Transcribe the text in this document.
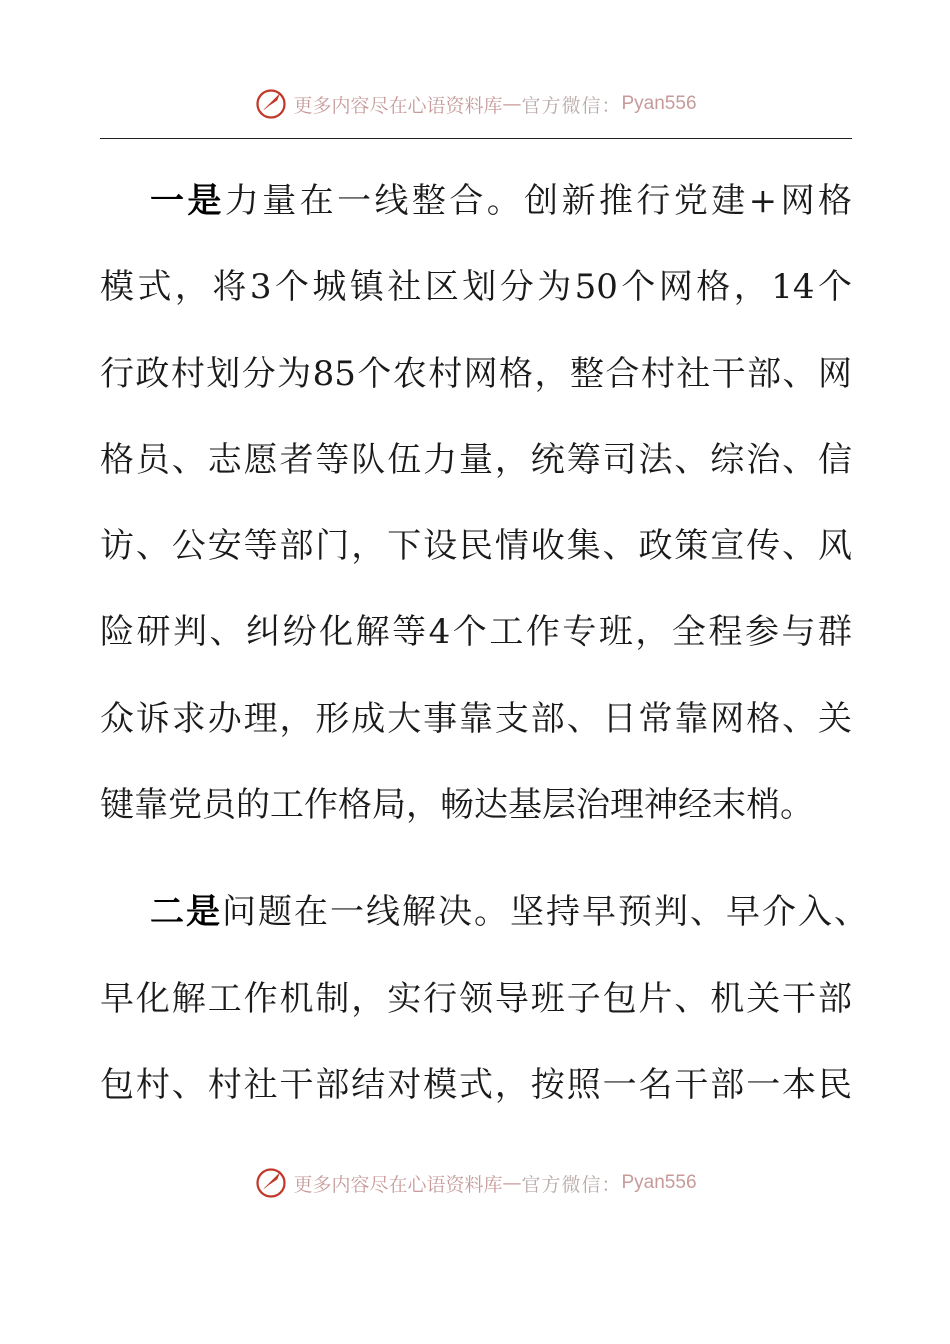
更多内容尽在心语资料库 — 官方微信： Pyan556

一是力量在一线整合。创新推行党建+网格

模式，将3个城镇社区划分为50个网格，14个

行政村划分为85个农村网格，整合村社干部、网

格员、志愿者等队伍力量，统筹司法、综治、信

访、公安等部门，下设民情收集、政策宣传、风

险研判、纠纷化解等4个工作专班，全程参与群

众诉求办理，形成大事靠支部、日常靠网格、关

键靠党员的工作格局，畅达基层治理神经末梢。

二是问题在一线解决。坚持早预判、早介入、

早化解工作机制，实行领导班子包片、机关干部

包村、村社干部结对模式，按照一名干部一本民

更多内容尽在心语资料库 — 官方微信： Pyan556
